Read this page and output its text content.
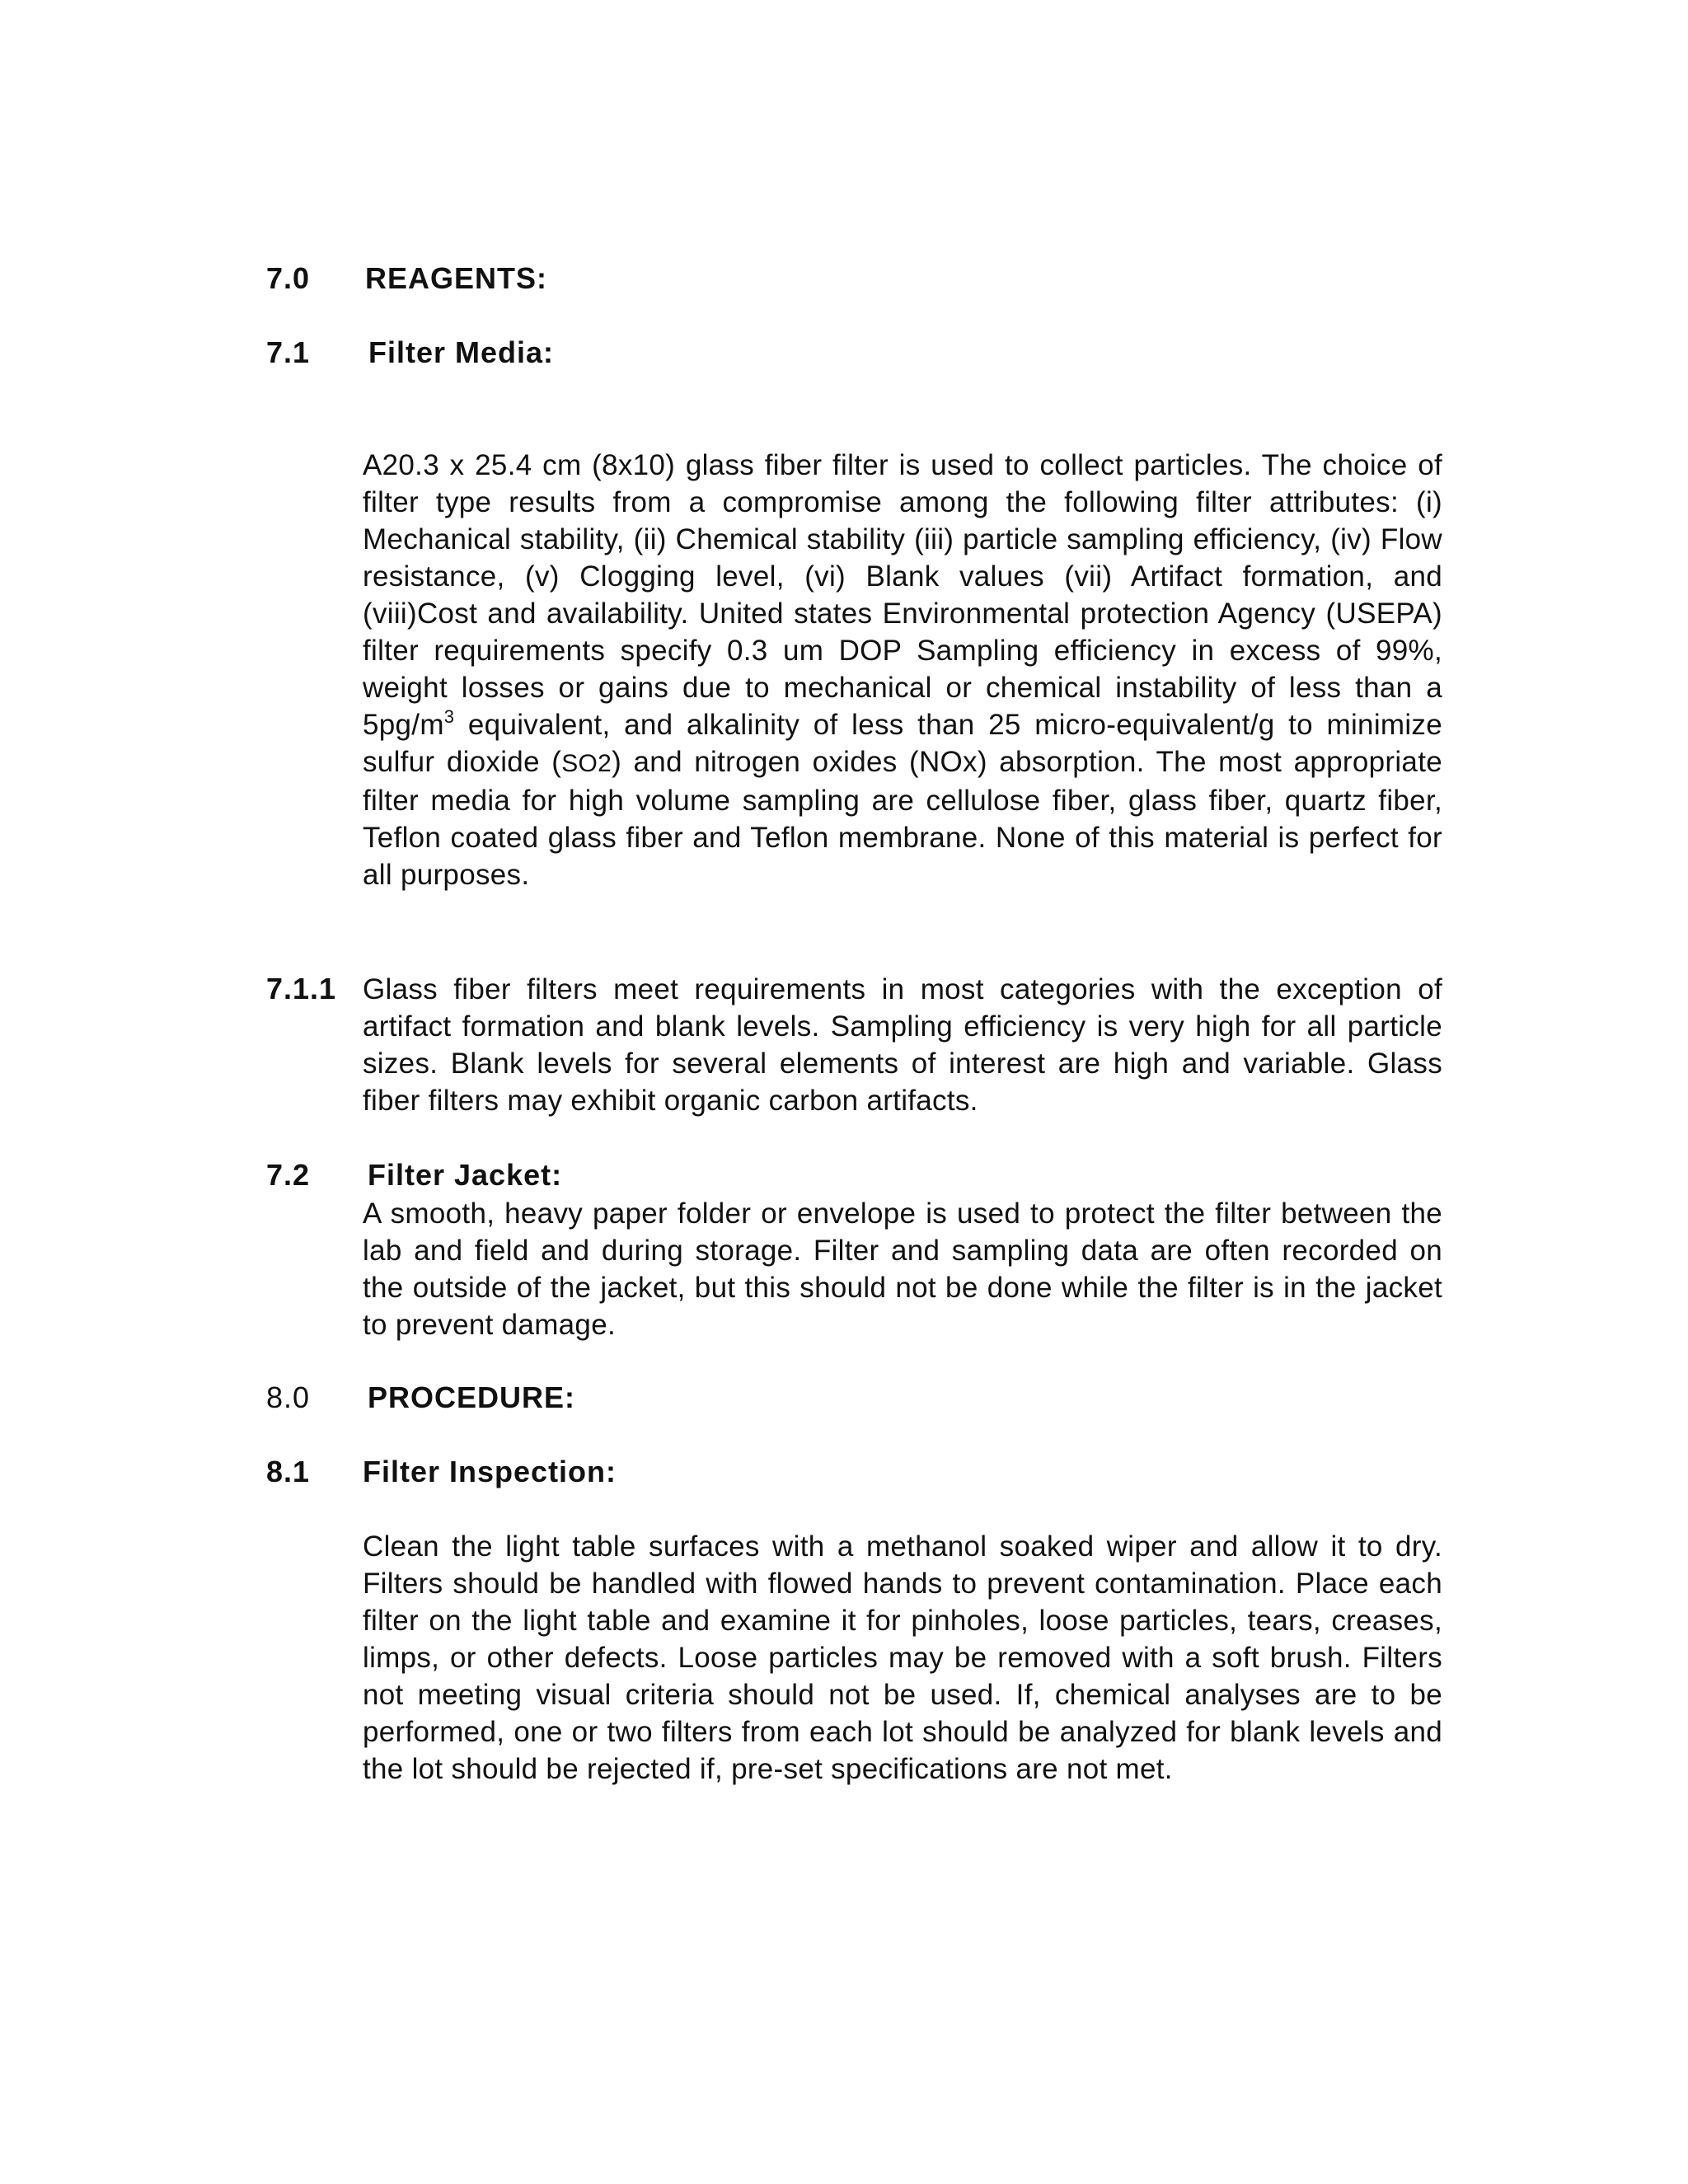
7.0 REAGENTS:
7.1 Filter Media:

A20.3 x 25.4 cm (8x10) glass fiber filter is used to collect particles. The choice of filter type results from a compromise among the following filter attributes: (i) Mechanical stability, (ii) Chemical stability (iii) particle sampling efficiency, (iv) Flow resistance, (v) Clogging level, (vi) Blank values (vii) Artifact formation, and (viii)Cost and availability. United states Environmental protection Agency (USEPA) filter requirements specify 0.3 um DOP Sampling efficiency in excess of 99%, weight losses or gains due to mechanical or chemical instability of less than a $5pg/m^3$ equivalent, and alkalinity of less than 25 micro-equivalent/g to minimize sulfur dioxide (SO2) and nitrogen oxides (NOx) absorption. The most appropriate filter media for high volume sampling are cellulose fiber, glass fiber, quartz fiber, Teflon coated glass fiber and Teflon membrane. None of this material is perfect for all purposes.

7.1.1 Glass fiber filters meet requirements in most categories with the exception of artifact formation and blank levels. Sampling efficiency is very high for all particle sizes. Blank levels for several elements of interest are high and variable. Glass fiber filters may exhibit organic carbon artifacts.

7.2 Filter Jacket:

A smooth, heavy paper folder or envelope is used to protect the filter between the lab and field and during storage. Filter and sampling data are often recorded on the outside of the jacket, but this should not be done while the filter is in the jacket to prevent damage.

8.0 PROCEDURE:
8.1 Filter Inspection:

Clean the light table surfaces with a methanol soaked wiper and allow it to dry. Filters should be handled with flowed hands to prevent contamination. Place each filter on the light table and examine it for pinholes, loose particles, tears, creases, limps, or other defects. Loose particles may be removed with a soft brush. Filters not meeting visual criteria should not be used. If, chemical analyses are to be performed, one or two filters from each lot should be analyzed for blank levels and the lot should be rejected if, pre-set specifications are not met.
